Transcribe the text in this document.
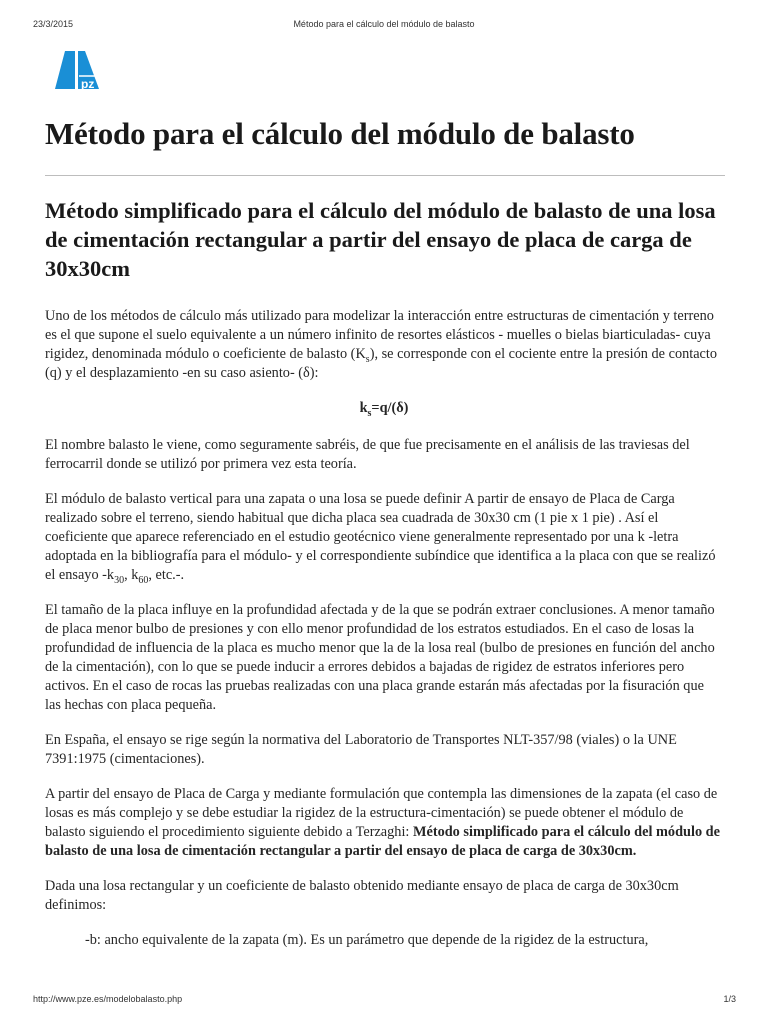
23/3/2015	Método para el cálculo del módulo de balasto
pz
Método para el cálculo del módulo de balasto
Método simplificado para el cálculo del módulo de balasto de una losa de cimentación rectangular a partir del ensayo de placa de carga de 30x30cm

Uno de los métodos de cálculo más utilizado para modelizar la interacción entre estructuras de cimentación y terreno es el que supone el suelo equivalente a un número infinito de resortes elásticos - muelles o bielas biarticuladas- cuya rigidez, denominada módulo o coeficiente de balasto $(K_s)$, se corresponde con el cociente entre la presión de contacto (q) y el desplazamiento -en su caso asiento- (δ):

$k_s=q/(\delta)$

El nombre balasto le viene, como seguramente sabréis, de que fue precisamente en el análisis de las traviesas del ferrocarril donde se utilizó por primera vez esta teoría.

El módulo de balasto vertical para una zapata o una losa se puede definir A partir de ensayo de Placa de Carga realizado sobre el terreno, siendo habitual que dicha placa sea cuadrada de 30x30 cm (1 pie x 1 pie) . Así el coeficiente que aparece referenciado en el estudio geotécnico viene generalmente representado por una k -letra adoptada en la bibliografía para el módulo- y el correspondiente subíndice que identifica a la placa con que se realizó el ensayo $-k_{30}$, $k_{60}$, etc.-.

El tamaño de la placa influye en la profundidad afectada y de la que se podrán extraer conclusiones. A menor tamaño de placa menor bulbo de presiones y con ello menor profundidad de los estratos estudiados. En el caso de losas la profundidad de influencia de la placa es mucho menor que la de la losa real (bulbo de presiones en función del ancho de la cimentación), con lo que se puede inducir a errores debidos a bajadas de rigidez de estratos inferiores pero activos. En el caso de rocas las pruebas realizadas con una placa grande estarán más afectadas por la fisuración que las hechas con placa pequeña.

En España, el ensayo se rige según la normativa del Laboratorio de Transportes NLT-357/98 (viales) o la UNE 7391:1975 (cimentaciones).

A partir del ensayo de Placa de Carga y mediante formulación que contempla las dimensiones de la zapata (el caso de losas es más complejo y se debe estudiar la rigidez de la estructura-cimentación) se puede obtener el módulo de balasto siguiendo el procedimiento siguiente debido a Terzaghi: Método simplificado para el cálculo del módulo de balasto de una losa de cimentación rectangular a partir del ensayo de placa de carga de 30x30cm.

Dada una losa rectangular y un coeficiente de balasto obtenido mediante ensayo de placa de carga de 30x30cm definimos:

-b: ancho equivalente de la zapata (m). Es un parámetro que depende de la rigidez de la estructura,

http://www.pze.es/modelobalasto.php	1/3
